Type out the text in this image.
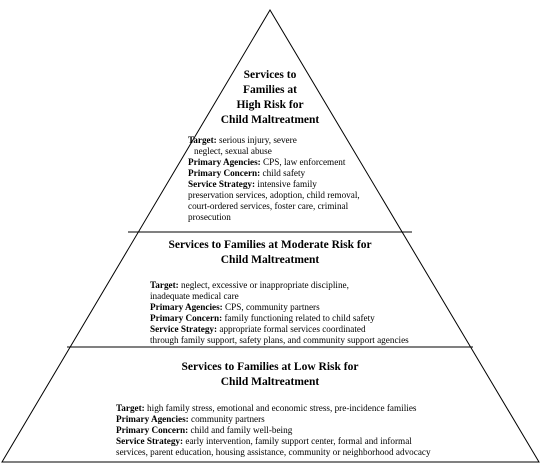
Services to
Families at
High Risk for
Child Maltreatment
Target: serious injury, severe
neglect, sexual abuse
Primary Agencies: CPS, law enforcement
Primary Concern: child safety
Service Strategy: intensive family
preservation services, adoption, child removal,
court-ordered services, foster care, criminal
prosecution
Services to Families at Moderate Risk for
Child Maltreatment
Target: neglect, excessive or inappropriate discipline,
inadequate medical care
Primary Agencies: CPS, community partners
Primary Concern: family functioning related to child safety
Service Strategy: appropriate formal services coordinated
through family support, safety plans, and community support agencies
Services to Families at Low Risk for
Child Maltreatment
Target: high family stress, emotional and economic stress, pre-incidence families
Primary Agencies: community partners
Primary Concern: child and family well-being
Service Strategy: early intervention, family support center, formal and informal
services, parent education, housing assistance, community or neighborhood advocacy
